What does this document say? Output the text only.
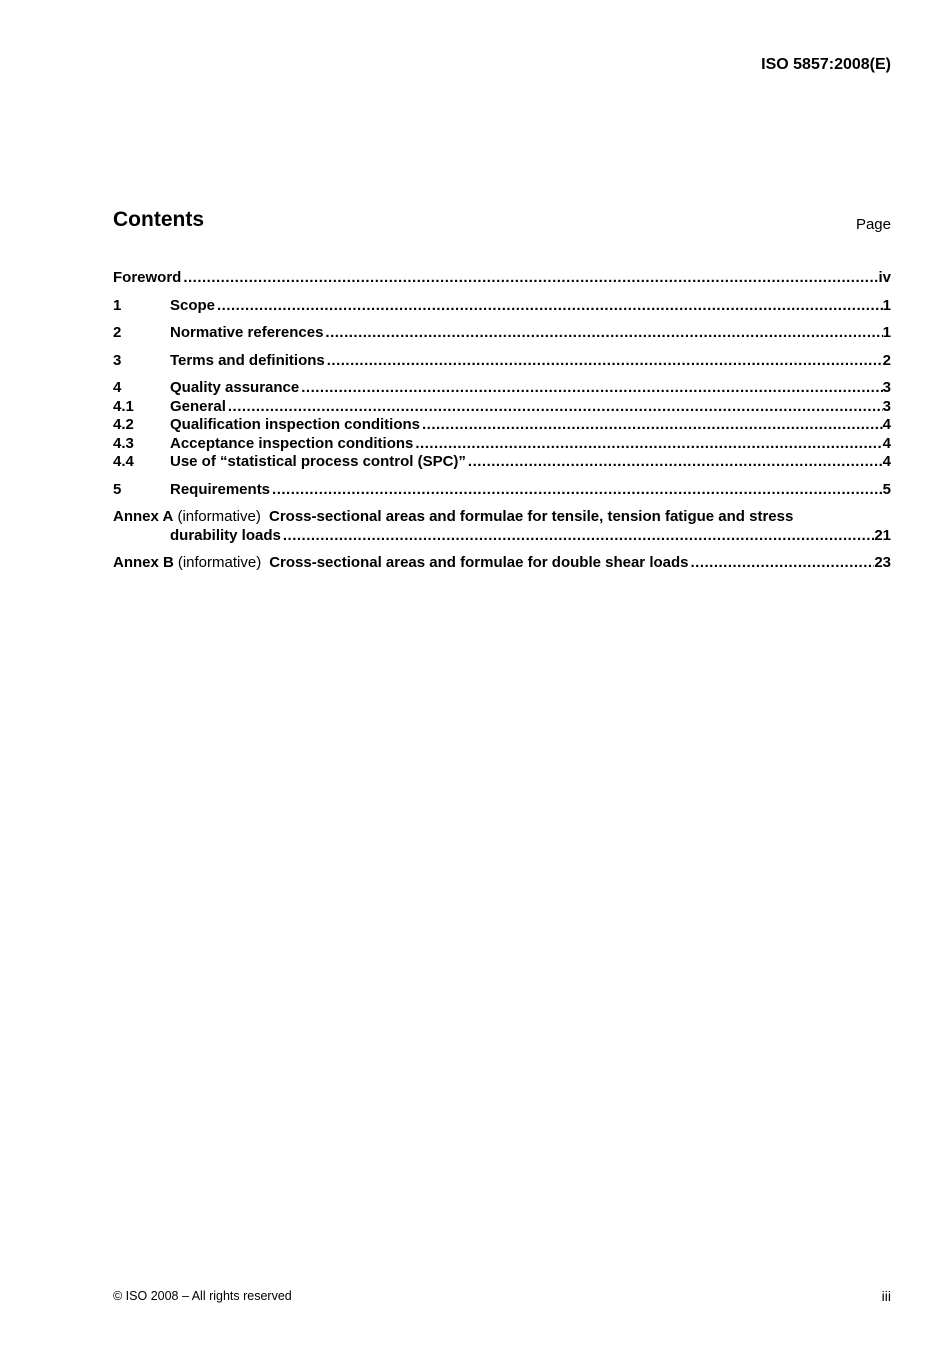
ISO 5857:2008(E)
Contents	Page
Foreword .....	iv
1	Scope .....	1
2	Normative references .....	1
3	Terms and definitions .....	2
4	Quality assurance .....	3
4.1	General .....	3
4.2	Qualification inspection conditions .....	4
4.3	Acceptance inspection conditions .....	4
4.4	Use of “statistical process control (SPC)” .....	4
5	Requirements .....	5
Annex A (informative) Cross-sectional areas and formulae for tensile, tension fatigue and stress
durability loads .....	21
Annex B (informative) Cross-sectional areas and formulae for double shear loads .....	23
© ISO 2008 – All rights reserved	iii
